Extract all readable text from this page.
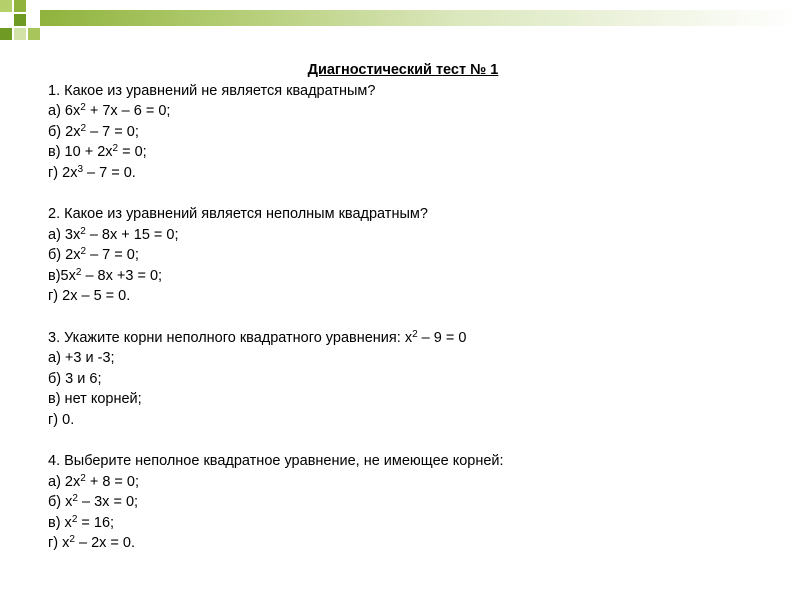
Диагностический тест № 1
1. Какое из уравнений не является квадратным?
а) $6x^2 + 7x - 6 = 0$;
б) $2x^2 - 7 = 0$;
в) $10 + 2x^2 = 0$;
г) $2x^3 - 7 = 0$.
2. Какое из уравнений является неполным квадратным?
а) $3x^2 - 8x + 15 = 0$;
б) $2x^2 - 7 = 0$;
$в)5x^2 - 8x +3 = 0$;
г) 2x – 5 = 0.
3. Укажите корни неполного квадратного уравнения: $x^2 - 9 = 0$
а) +3 и -3;
б) 3 и 6;
в) нет корней;
г) 0.
4. Выберите неполное квадратное уравнение, не имеющее корней:
а) $2x^2 + 8 = 0$;
б) $x^2 - 3x = 0$;
в) $x^2 = 16$;
г) $x^2 - 2x = 0$.
